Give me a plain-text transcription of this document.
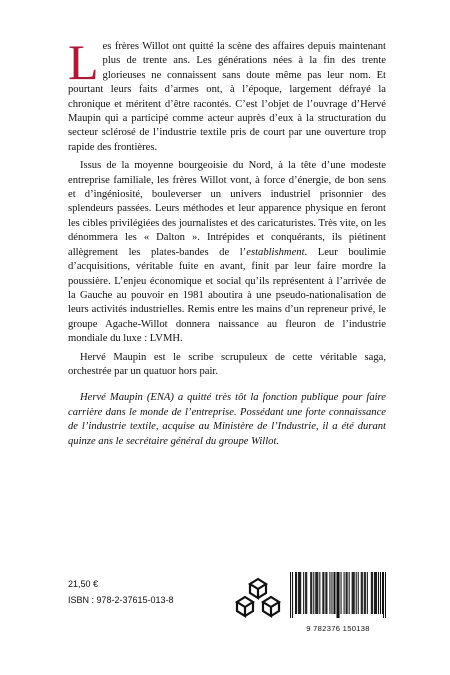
Les frères Willot ont quitté la scène des affaires depuis maintenant plus de trente ans. Les générations nées à la fin des trente glorieuses ne connaissent sans doute même pas leur nom. Et pourtant leurs faits d’armes ont, à l’époque, largement défrayé la chronique et méritent d’être racontés. C’est l’objet de l’ouvrage d’Hervé Maupin qui a participé comme acteur auprès d’eux à la structuration du secteur sclérosé de l’industrie textile pris de court par une ouverture trop rapide des frontières.

Issus de la moyenne bourgeoisie du Nord, à la tête d’une modeste entreprise familiale, les frères Willot vont, à force d’énergie, de bon sens et d’ingéniosité, bouleverser un univers industriel prisonnier des splendeurs passées. Leurs méthodes et leur apparence physique en feront les cibles privilégiées des journalistes et des caricaturistes. Très vite, on les dénommera les « Dalton ». Intrépides et conquérants, ils piétinent allègrement les plates-bandes de l’establishment. Leur boulimie d’acquisitions, véritable fuite en avant, finit par leur faire mordre la poussière. L’enjeu économique et social qu’ils représentent à l’arrivée de la Gauche au pouvoir en 1981 aboutira à une pseudo-nationalisation de leurs activités industrielles. Remis entre les mains d’un repreneur privé, le groupe Agache-Willot donnera naissance au fleuron de l’industrie mondiale du luxe : LVMH.

Hervé Maupin est le scribe scrupuleux de cette véritable saga, orchestrée par un quatuor hors pair.

Hervé Maupin (ENA) a quitté très tôt la fonction publique pour faire carrière dans le monde de l’entreprise. Possédant une forte connaissance de l’industrie textile, acquise au Ministère de l’Industrie, il a été durant quinze ans le secrétaire général du groupe Willot.

21,50 €
ISBN : 978-2-37615-013-8
9 782376 150138
